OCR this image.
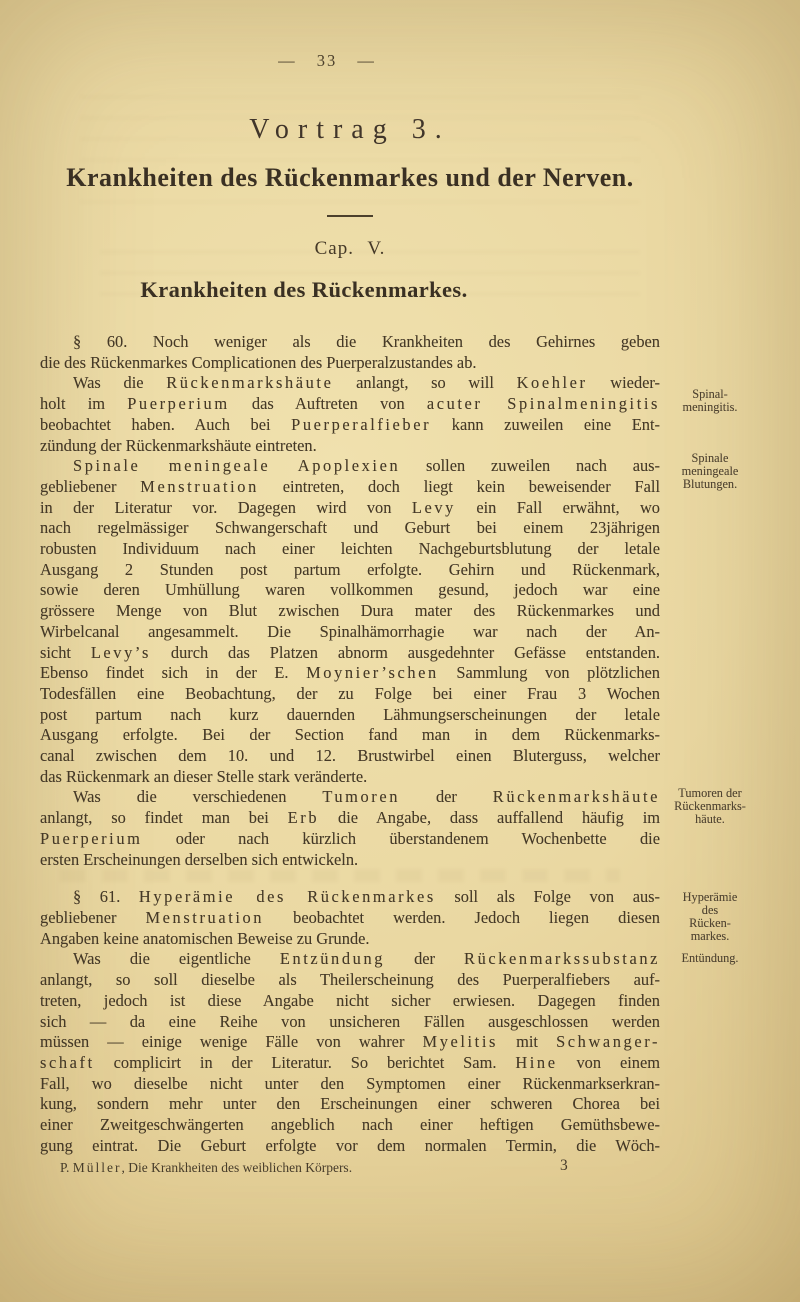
— 33 —
Vortrag 3.
Krankheiten des Rückenmarkes und der Nerven.
Cap. V.
Krankheiten des Rückenmarkes.
§ 60. Noch weniger als die Krankheiten des Gehirnes geben
die des Rückenmarkes Complicationen des Puerperalzustandes ab.
Was die Rückenmarkshäute anlangt, so will Koehler wieder-
holt im Puerperium das Auftreten von acuter Spinalmeningitis
beobachtet haben. Auch bei Puerperalfieber kann zuweilen eine Ent-
zündung der Rückenmarkshäute eintreten.
Spinale meningeale Apoplexien sollen zuweilen nach aus-
gebliebener Menstruation eintreten, doch liegt kein beweisender Fall
in der Literatur vor. Dagegen wird von Levy ein Fall erwähnt, wo
nach regelmässiger Schwangerschaft und Geburt bei einem 23jährigen
robusten Individuum nach einer leichten Nachgeburtsblutung der letale
Ausgang 2 Stunden post partum erfolgte. Gehirn und Rückenmark,
sowie deren Umhüllung waren vollkommen gesund, jedoch war eine
grössere Menge von Blut zwischen Dura mater des Rückenmarkes und
Wirbelcanal angesammelt. Die Spinalhämorrhagie war nach der An-
sicht Levy’s durch das Platzen abnorm ausgedehnter Gefässe entstanden.
Ebenso findet sich in der E. Moynier’schen Sammlung von plötzlichen
Todesfällen eine Beobachtung, der zu Folge bei einer Frau 3 Wochen
post partum nach kurz dauernden Lähmungserscheinungen der letale
Ausgang erfolgte. Bei der Section fand man in dem Rückenmarks-
canal zwischen dem 10. und 12. Brustwirbel einen Bluterguss, welcher
das Rückenmark an dieser Stelle stark veränderte.
Was die verschiedenen Tumoren der Rückenmarkshäute
anlangt, so findet man bei Erb die Angabe, dass auffallend häufig im
Puerperium oder nach kürzlich überstandenem Wochenbette die
ersten Erscheinungen derselben sich entwickeln.
§ 61. Hyperämie des Rückenmarkes soll als Folge von aus-
gebliebener Menstruation beobachtet werden. Jedoch liegen diesen
Angaben keine anatomischen Beweise zu Grunde.
Was die eigentliche Entzündung der Rückenmarkssubstanz
anlangt, so soll dieselbe als Theilerscheinung des Puerperalfiebers auf-
treten, jedoch ist diese Angabe nicht sicher erwiesen. Dagegen finden
sich — da eine Reihe von unsicheren Fällen ausgeschlossen werden
müssen — einige wenige Fälle von wahrer Myelitis mit Schwanger-
schaft complicirt in der Literatur. So berichtet Sam. Hine von einem
Fall, wo dieselbe nicht unter den Symptomen einer Rückenmarkserkran-
kung, sondern mehr unter den Erscheinungen einer schweren Chorea bei
einer Zweitgeschwängerten angeblich nach einer heftigen Gemüthsbewe-
gung eintrat. Die Geburt erfolgte vor dem normalen Termin, die Wöch-
Spinal-
meningitis.
Spinale
meningeale
Blutungen.
Tumoren der
Rückenmarks-
häute.
Hyperämie
des
Rücken-
markes.
Entündung.
P. Müller, Die Krankheiten des weiblichen Körpers.	3
